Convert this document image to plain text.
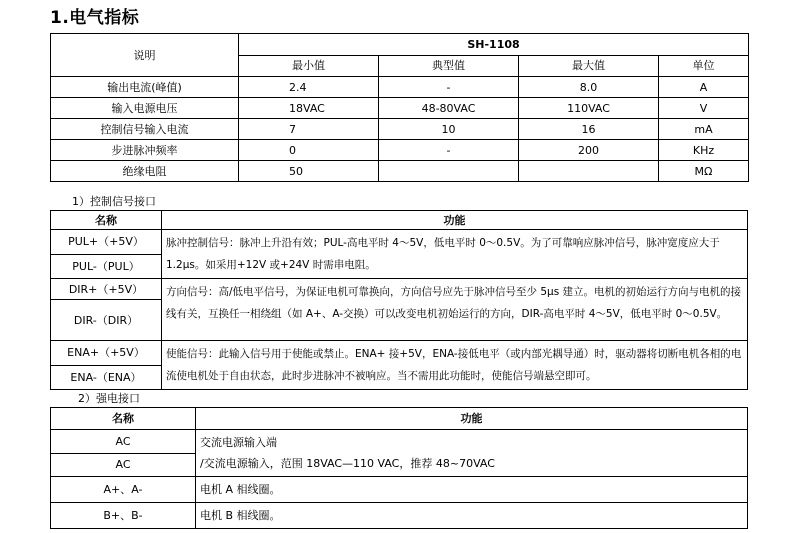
1.电气指标
说明	SH-1108			
	最小值	典型值	最大值	单位
输出电流(峰值)	2.4	-	8.0	A
输入电源电压	18VAC	48-80VAC	110VAC	V
控制信号输入电流	7	10	16	mA
步进脉冲频率	0	-	200	KHz
绝缘电阻	50			MΩ
1）控制信号接口
名称	功能
PUL+（+5V）	脉冲控制信号：脉冲上升沿有效；PUL-高电平时 4～5V，低电平时 0～0.5V。为了可靠响应脉冲信号，脉冲宽度应大于 1.2μs。如采用+12V 或+24V 时需串电阻。
PUL-（PUL）	
DIR+（+5V）	方向信号：高/低电平信号，为保证电机可靠换向，方向信号应先于脉冲信号至少 5μs 建立。电机的初始运行方向与电机的接线有关，互换任一相绕组（如 A+、A-交换）可以改变电机初始运行的方向，DIR-高电平时 4～5V，低电平时 0～0.5V。
DIR-（DIR）	
ENA+（+5V）	使能信号：此输入信号用于使能或禁止。ENA+ 接+5V，ENA-接低电平（或内部光耦导通）时，驱动器将切断电机各相的电流使电机处于自由状态，此时步进脉冲不被响应。当不需用此功能时，使能信号端悬空即可。
ENA-（ENA）	
2）强电接口
名称	功能
AC	交流电源输入端
/交流电源输入，范围 18VAC—110 VAC，推荐 48~70VAC
AC	
A+、A-	电机 A 相线圈。
B+、B-	电机 B 相线圈。
